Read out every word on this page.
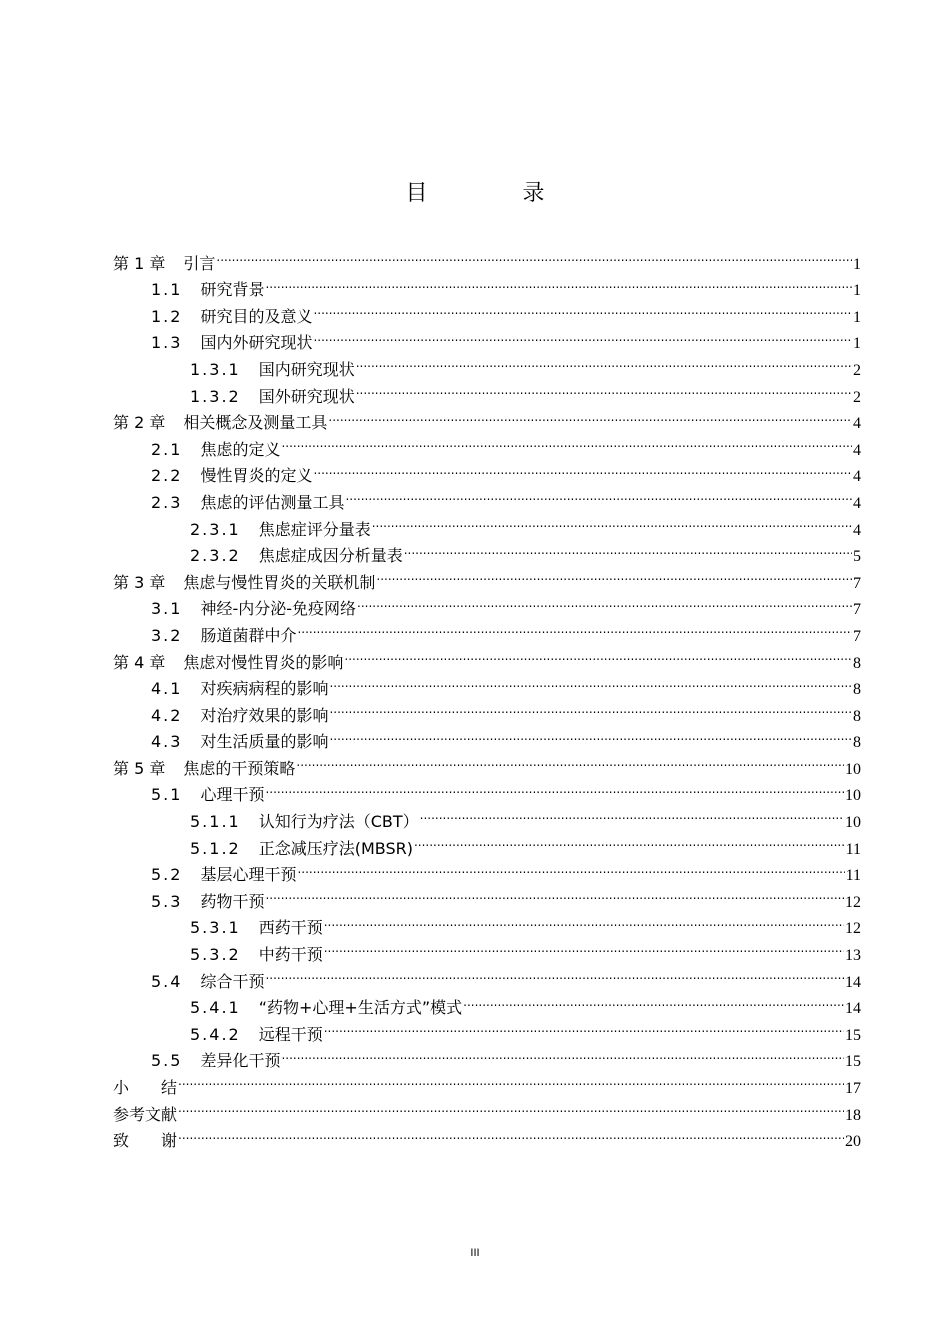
目 录
第 1 章 引言 .....	1
1.1 研究背景 .....	1
1.2 研究目的及意义 .....	1
1.3 国内外研究现状 .....	1
1.3.1 国内研究现状 .....	2
1.3.2 国外研究现状 .....	2
第 2 章 相关概念及测量工具 .....	4
2.1 焦虑的定义 .....	4
2.2 慢性胃炎的定义 .....	4
2.3 焦虑的评估测量工具 .....	4
2.3.1 焦虑症评分量表 .....	4
2.3.2 焦虑症成因分析量表 .....	5
第 3 章 焦虑与慢性胃炎的关联机制 .....	7
3.1 神经-内分泌-免疫网络 .....	7
3.2 肠道菌群中介 .....	7
第 4 章 焦虑对慢性胃炎的影响 .....	8
4.1 对疾病病程的影响 .....	8
4.2 对治疗效果的影响 .....	8
4.3 对生活质量的影响 .....	8
第 5 章 焦虑的干预策略 .....	10
5.1 心理干预 .....	10
5.1.1 认知行为疗法（CBT） .....	10
5.1.2 正念减压疗法(MBSR) .....	11
5.2 基层心理干预 .....	11
5.3 药物干预 .....	12
5.3.1 西药干预 .....	12
5.3.2 中药干预 .....	13
5.4 综合干预 .....	14
5.4.1 “药物+心理+生活方式”模式 .....	14
5.4.2 远程干预 .....	15
5.5 差异化干预 .....	15
小　　结 .....	17
参考文献 .....	18
致　　谢 .....	20
III
